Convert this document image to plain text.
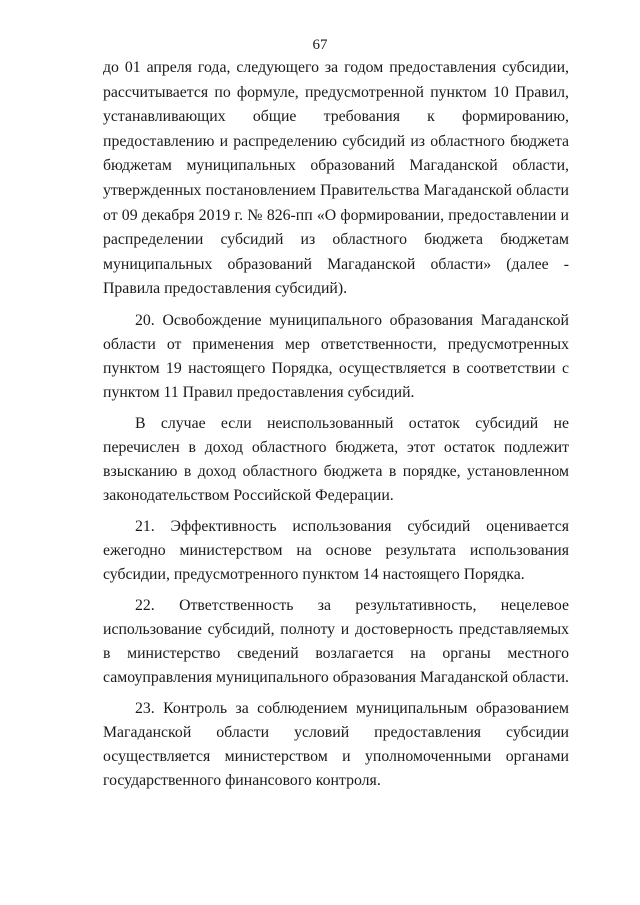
67

до 01 апреля года, следующего за годом предоставления субсидии, рассчитывается по формуле, предусмотренной пунктом 10 Правил, устанавливающих общие требования к формированию, предоставлению и распределению субсидий из областного бюджета бюджетам муниципальных образований Магаданской области, утвержденных постановлением Правительства Магаданской области от 09 декабря 2019 г. № 826-пп «О формировании, предоставлении и распределении субсидий из областного бюджета бюджетам муниципальных образований Магаданской области» (далее - Правила предоставления субсидий).

20. Освобождение муниципального образования Магаданской области от применения мер ответственности, предусмотренных пунктом 19 настоящего Порядка, осуществляется в соответствии с пунктом 11 Правил предоставления субсидий.

В случае если неиспользованный остаток субсидий не перечислен в доход областного бюджета, этот остаток подлежит взысканию в доход областного бюджета в порядке, установленном законодательством Российской Федерации.

21. Эффективность использования субсидий оценивается ежегодно министерством на основе результата использования субсидии, предусмотренного пунктом 14 настоящего Порядка.

22. Ответственность за результативность, нецелевое использование субсидий, полноту и достоверность представляемых в министерство сведений возлагается на органы местного самоуправления муниципального образования Магаданской области.

23. Контроль за соблюдением муниципальным образованием Магаданской области условий предоставления субсидии осуществляется министерством и уполномоченными органами государственного финансового контроля.
